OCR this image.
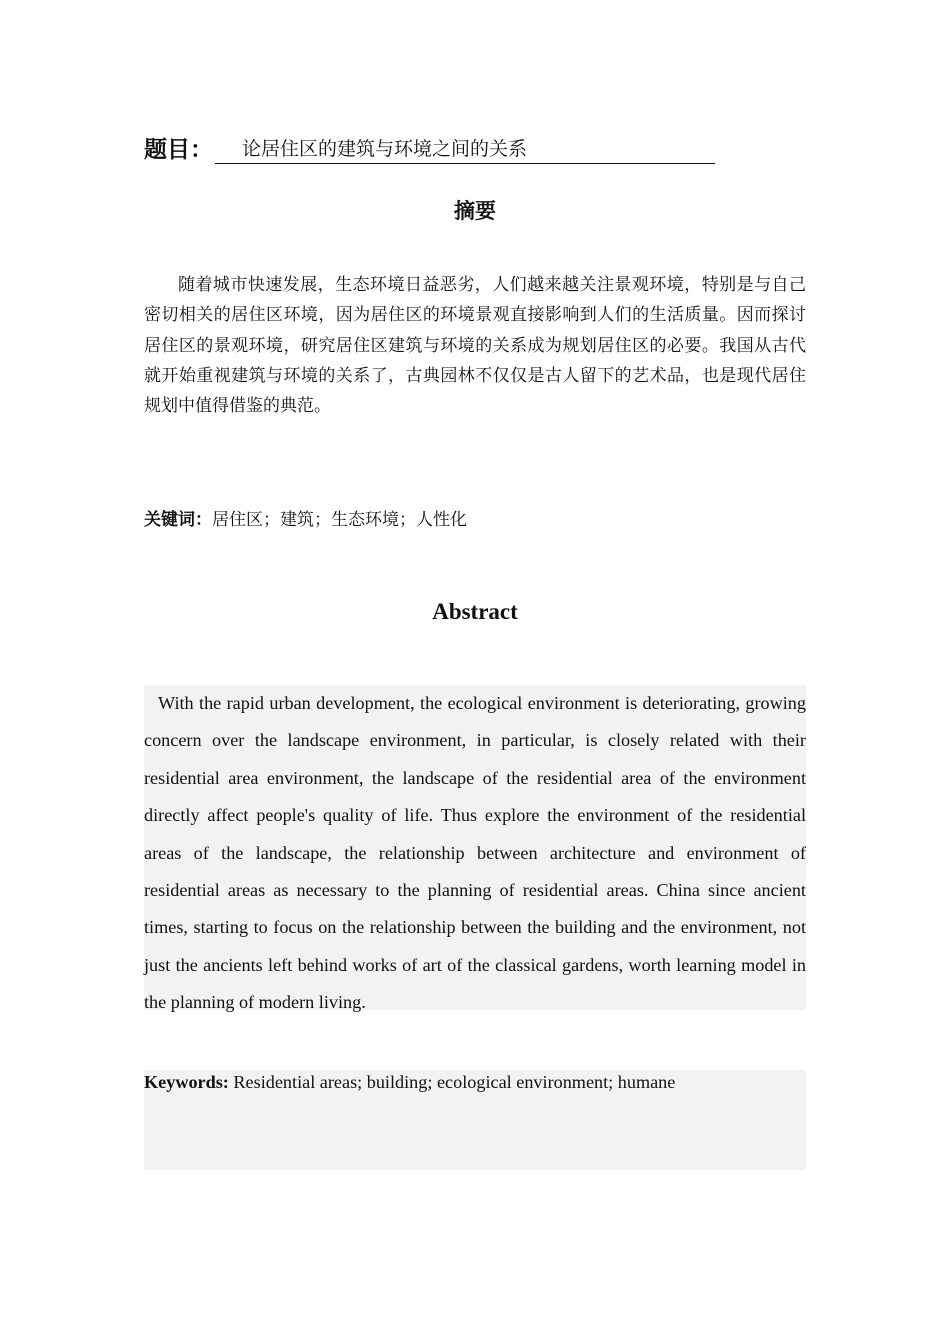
题目： 论居住区的建筑与环境之间的关系
摘要

随着城市快速发展，生态环境日益恶劣，人们越来越关注景观环境，特别是与自己密切相关的居住区环境，因为居住区的环境景观直接影响到人们的生活质量。因而探讨居住区的景观环境，研究居住区建筑与环境的关系成为规划居住区的必要。我国从古代就开始重视建筑与环境的关系了，古典园林不仅仅是古人留下的艺术品，也是现代居住规划中值得借鉴的典范。

关键词：居住区；建筑；生态环境；人性化
Abstract

With the rapid urban development, the ecological environment is deteriorating, growing concern over the landscape environment, in particular, is closely related with their residential area environment, the landscape of the residential area of the environment directly affect people's quality of life. Thus explore the environment of the residential areas of the landscape, the relationship between architecture and environment of residential areas as necessary to the planning of residential areas. China since ancient times, starting to focus on the relationship between the building and the environment, not just the ancients left behind works of art of the classical gardens, worth learning model in the planning of modern living.

Keywords: Residential areas; building; ecological environment; humane
